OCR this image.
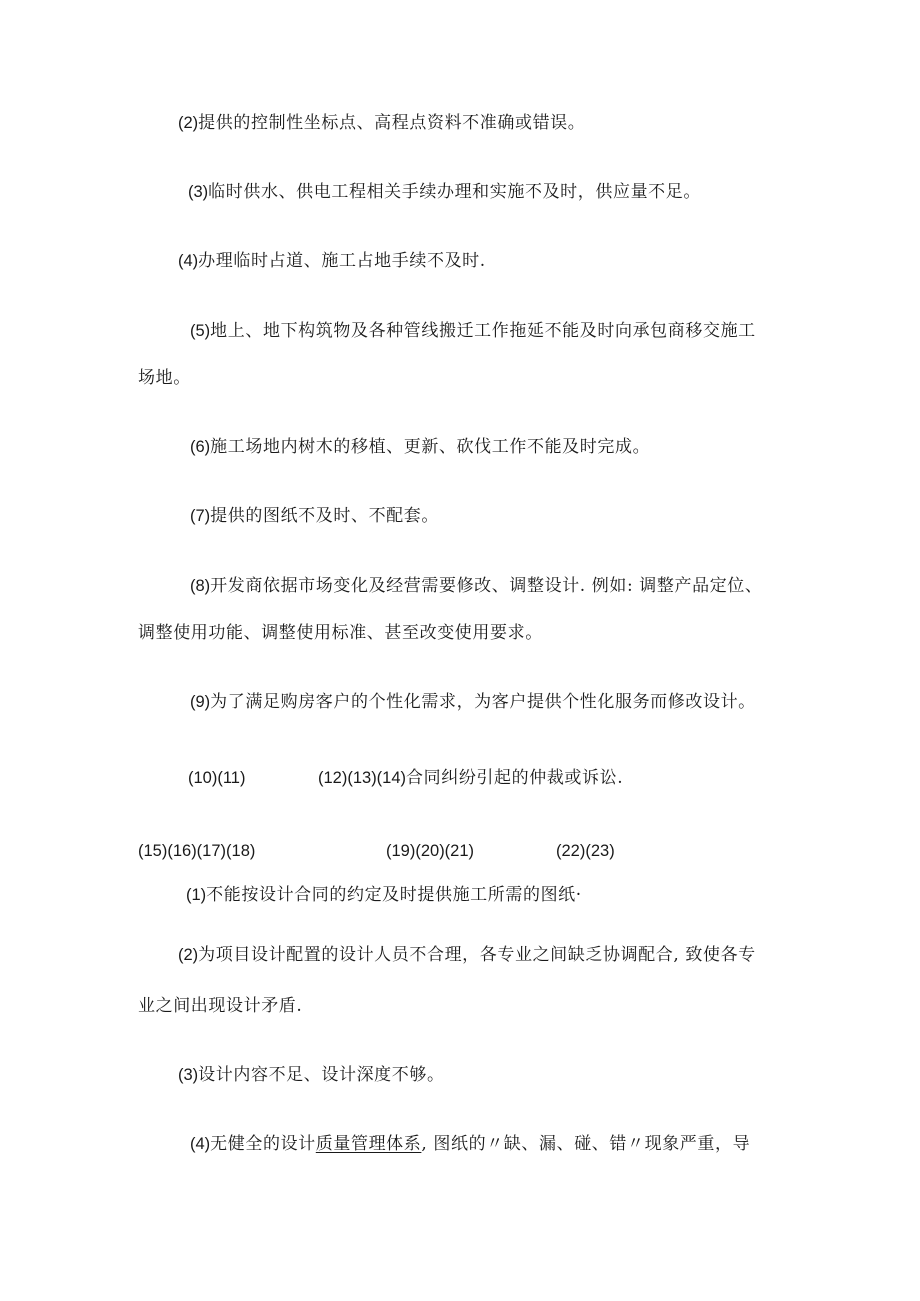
(2)提供的控制性坐标点、高程点资料不准确或错误。
(3)临时供水、供电工程相关手续办理和实施不及时，供应量不足。
(4)办理临时占道、施工占地手续不及时.
(5)地上、地下构筑物及各种管线搬迁工作拖延不能及时向承包商移交施工
场地。
(6)施工场地内树木的移植、更新、砍伐工作不能及时完成。
(7)提供的图纸不及时、不配套。
(8)开发商依据市场变化及经营需要修改、调整设计. 例如: 调整产品定位、
调整使用功能、调整使用标准、甚至改变使用要求。
(9)为了满足购房客户的个性化需求，为客户提供个性化服务而修改设计。
(10)(11)	(12)(13)(14)合同纠纷引起的仲裁或诉讼.
(15)(16)(17)(18)	(19)(20)(21)	(22)(23)
(1)不能按设计合同的约定及时提供施工所需的图纸·
(2)为项目设计配置的设计人员不合理，各专业之间缺乏协调配合, 致使各专
业之间出现设计矛盾.
(3)设计内容不足、设计深度不够。
(4)无健全的设计质量管理体系, 图纸的〃缺、漏、碰、错〃现象严重，导
